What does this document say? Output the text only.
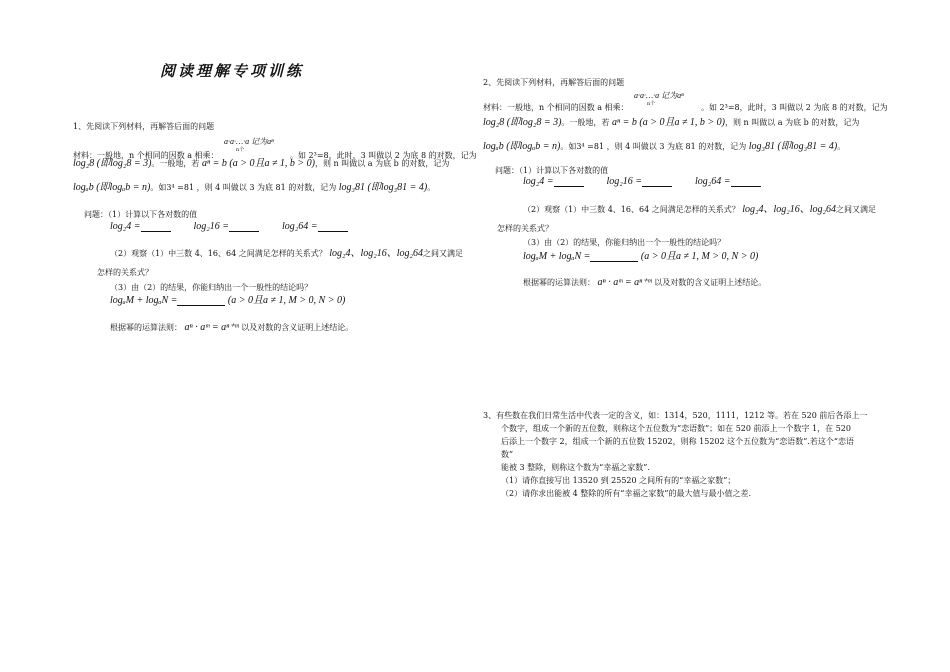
阅读理解专项训练
1、先阅读下列材料，再解答后面的问题
a·a·…·a 记为aⁿ
n个
材料：一般地，n 个相同的因数 a 相乘：	。如 2³=8，此时，3 叫做以 2 为底 8 的对数，记为
log₂8 (即log₂8 = 3)。一般地，若 aⁿ = b (a > 0且a ≠ 1, b > 0)，则 n 叫做以 a 为底 b 的对数，记为
logₐb (即logₐb = n)。如3⁴ =81 ，则 4 叫做以 3 为底 81 的对数，记为 log₃81 (即log₃81 = 4)。
问题：（1）计算以下各对数的值
log₂4 =	log₂16 =	log₂64 =
（2）观察（1）中三数 4、16、64 之间满足怎样的关系式？ log₂4、log₂16、log₂64之间又满足
怎样的关系式？
（3）由（2）的结果，你能归纳出一个一般性的结论吗？
logₐM + logₐN =	(a > 0且a ≠ 1, M > 0, N > 0)
根据幂的运算法则： aⁿ · aᵐ = aⁿ⁺ᵐ 以及对数的含义证明上述结论。
2、先阅读下列材料，再解答后面的问题
a·a·…·a 记为aⁿ
n个
材料：一般地，n 个相同的因数 a 相乘：	。如 2³=8，此时，3 叫做以 2 为底 8 的对数，记为
log₂8 (即log₂8 = 3)。一般地，若 aⁿ = b (a > 0且a ≠ 1, b > 0)，则 n 叫做以 a 为底 b 的对数，记为
logₐb (即logₐb = n)。如3⁴ =81 ，则 4 叫做以 3 为底 81 的对数，记为 log₃81 (即log₃81 = 4)。
问题：（1）计算以下各对数的值
log₂4 =	log₂16 =	log₂64 =
（2）观察（1）中三数 4、16、64 之间满足怎样的关系式？ log₂4、log₂16、log₂64之间又满足
怎样的关系式？
（3）由（2）的结果，你能归纳出一个一般性的结论吗？
logₐM + logₐN =	(a > 0且a ≠ 1, M > 0, N > 0)
根据幂的运算法则： aⁿ · aᵐ = aⁿ⁺ᵐ 以及对数的含义证明上述结论。
3、有些数在我们日常生活中代表一定的含义，如：1314，520，1111，1212 等。若在 520 前后各添上一
个数字，组成一个新的五位数，则称这个五位数为“恋语数”；如在 520 前添上一个数字 1，在 520
后添上一个数字 2，组成一个新的五位数 15202，则称 15202 这个五位数为“恋语数”.若这个“恋语
数”
能被 3 整除，则称这个数为“幸福之家数”.
（1）请你直接写出 13520 到 25520 之间所有的“幸福之家数”；
（2）请你求出能被 4 整除的所有“幸福之家数”的最大值与最小值之差.
